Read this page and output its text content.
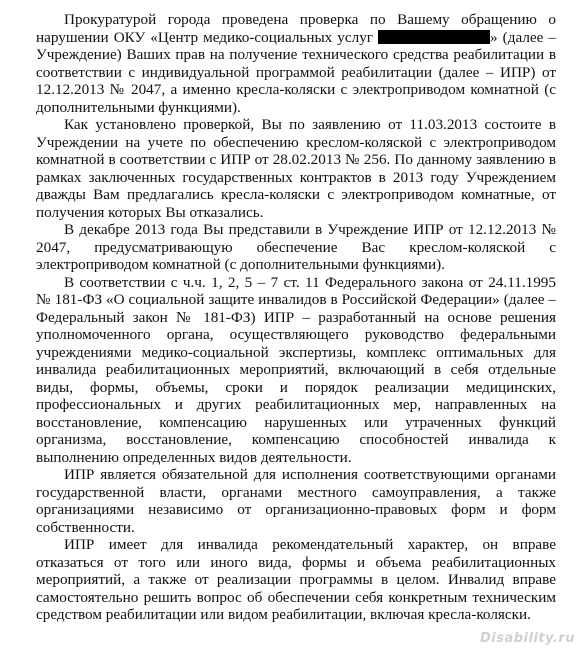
Прокуратурой города проведена проверка по Вашему обращению о
нарушении ОКУ «Центр медико-социальных услуг	» (далее –
Учреждение) Ваших прав на получение технического средства реабилитации в
соответствии с индивидуальной программой реабилитации (далее – ИПР) от
12.12.2013 № 2047, а именно кресла-коляски с электроприводом комнатной (с
дополнительными функциями).
Как установлено проверкой, Вы по заявлению от 11.03.2013 состоите в
Учреждении на учете по обеспечению креслом-коляской с электроприводом
комнатной в соответствии с ИПР от 28.02.2013 № 256. По данному заявлению в
рамках заключенных государственных контрактов в 2013 году Учреждением
дважды Вам предлагались кресла-коляски с электроприводом комнатные, от
получения которых Вы отказались.
В декабре 2013 года Вы представили в Учреждение ИПР от 12.12.2013 №
2047, предусматривающую обеспечение Вас креслом-коляской с
электроприводом комнатной (с дополнительными функциями).
В соответствии с ч.ч. 1, 2, 5 – 7 ст. 11 Федерального закона от 24.11.1995
№ 181-ФЗ «О социальной защите инвалидов в Российской Федерации» (далее –
Федеральный закон № 181-ФЗ) ИПР – разработанный на основе решения
уполномоченного органа, осуществляющего руководство федеральными
учреждениями медико-социальной экспертизы, комплекс оптимальных для
инвалида реабилитационных мероприятий, включающий в себя отдельные
виды, формы, объемы, сроки и порядок реализации медицинских,
профессиональных и других реабилитационных мер, направленных на
восстановление, компенсацию нарушенных или утраченных функций
организма, восстановление, компенсацию способностей инвалида к
выполнению определенных видов деятельности.
ИПР является обязательной для исполнения соответствующими органами
государственной власти, органами местного самоуправления, а также
организациями независимо от организационно-правовых форм и форм
собственности.
ИПР имеет для инвалида рекомендательный характер, он вправе
отказаться от того или иного вида, формы и объема реабилитационных
мероприятий, а также от реализации программы в целом. Инвалид вправе
самостоятельно решить вопрос об обеспечении себя конкретным техническим
средством реабилитации или видом реабилитации, включая кресла-коляски.
Disability.ru
